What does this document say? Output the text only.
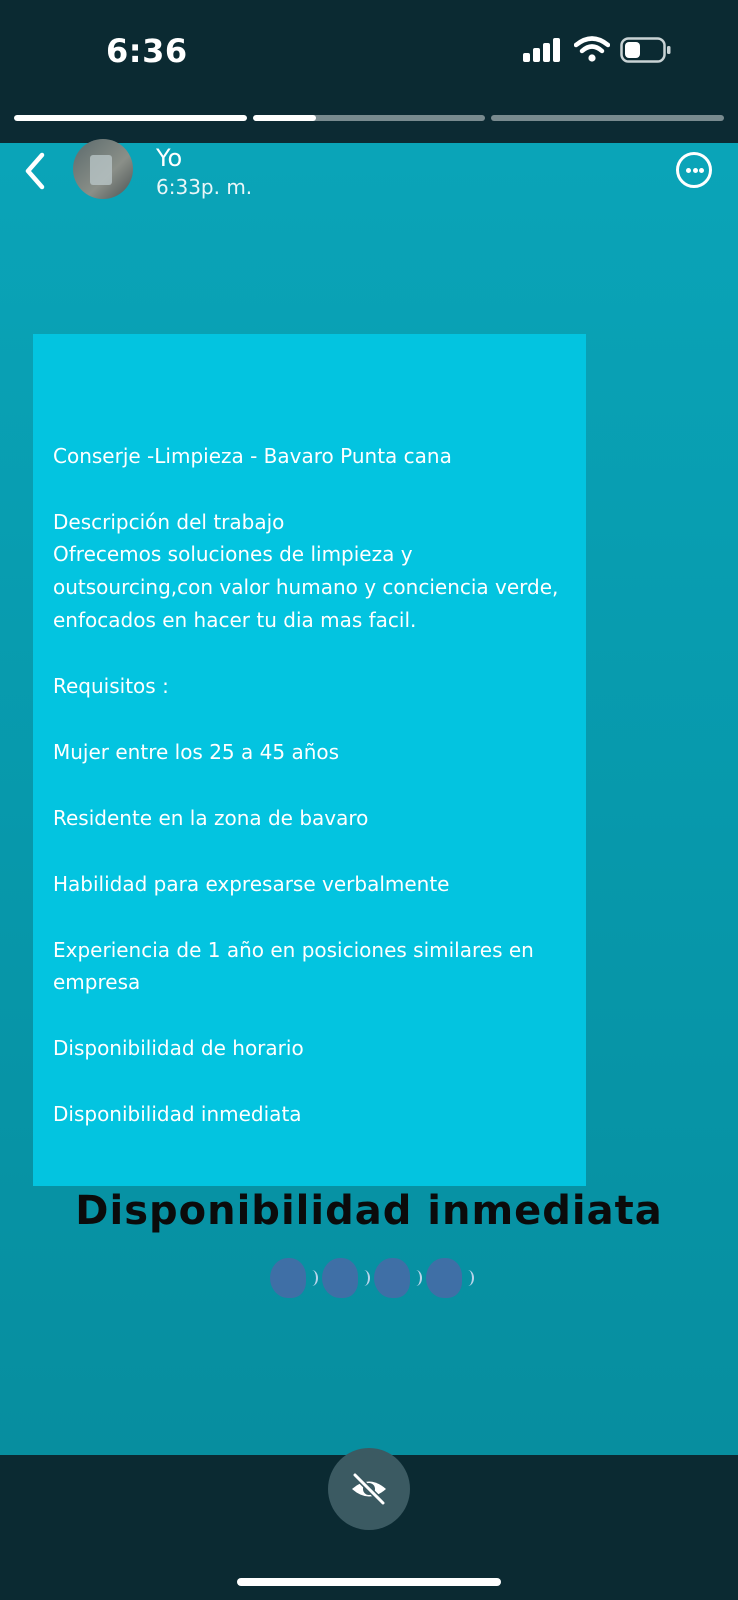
6:36
Yo
6:33p. m.

Conserje -Limpieza - Bavaro Punta cana

Descripción del trabajo

Ofrecemos soluciones de limpieza y

outsourcing,con valor humano y conciencia verde,

enfocados en hacer tu dia mas facil.

Requisitos :

Mujer entre los 25 a 45 años

Residente en la zona de bavaro

Habilidad para expresarse verbalmente

Experiencia de 1 año en posiciones similares en

empresa

Disponibilidad de horario

Disponibilidad inmediata

Disponibilidad inmediata
